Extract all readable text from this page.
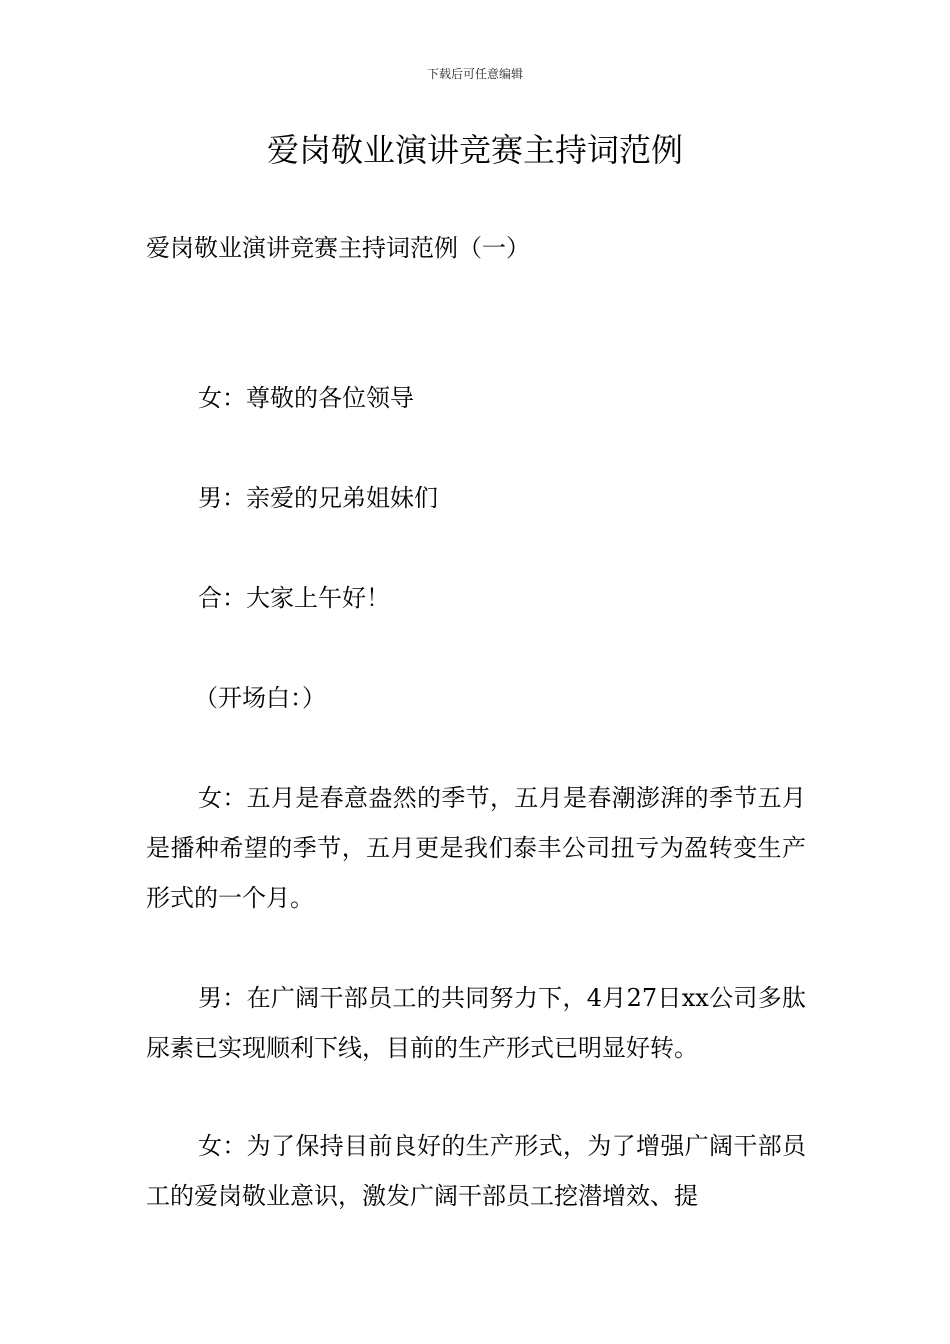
下载后可任意编辑
爱岗敬业演讲竞赛主持词范例
爱岗敬业演讲竞赛主持词范例（一）

女：尊敬的各位领导

男：亲爱的兄弟姐妹们

合：大家上午好！

（开场白：）

女：五月是春意盎然的季节，五月是春潮澎湃的季节五月是播种希望的季节，五月更是我们泰丰公司扭亏为盈转变生产形式的一个月。

男：在广阔干部员工的共同努力下，4月27日xx公司多肽尿素已实现顺利下线，目前的生产形式已明显好转。

女：为了保持目前良好的生产形式，为了增强广阔干部员工的爱岗敬业意识，激发广阔干部员工挖潜增效、提
